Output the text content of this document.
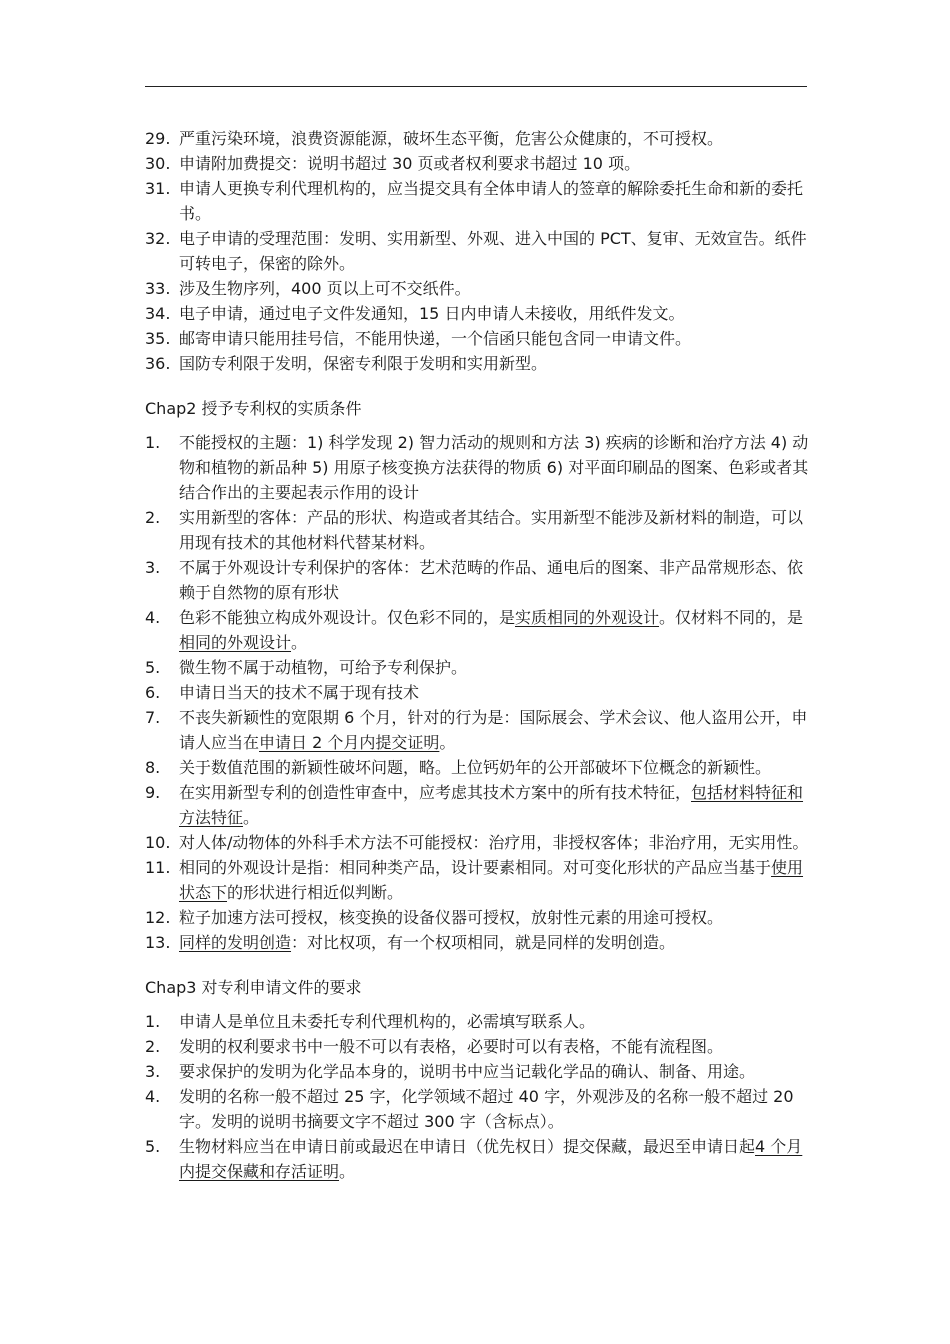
29. 严重污染环境，浪费资源能源，破坏生态平衡，危害公众健康的，不可授权。
30. 申请附加费提交：说明书超过 30 页或者权利要求书超过 10 项。
31. 申请人更换专利代理机构的，应当提交具有全体申请人的签章的解除委托生命和新的委托书。
32. 电子申请的受理范围：发明、实用新型、外观、进入中国的 PCT、复审、无效宣告。纸件可转电子，保密的除外。
33. 涉及生物序列，400 页以上可不交纸件。
34. 电子申请，通过电子文件发通知，15 日内申请人未接收，用纸件发文。
35. 邮寄申请只能用挂号信，不能用快递，一个信函只能包含同一申请文件。
36. 国防专利限于发明，保密专利限于发明和实用新型。
Chap2 授予专利权的实质条件
1. 不能授权的主题：1) 科学发现 2) 智力活动的规则和方法 3) 疾病的诊断和治疗方法 4) 动物和植物的新品种 5) 用原子核变换方法获得的物质 6) 对平面印刷品的图案、色彩或者其结合作出的主要起表示作用的设计
2. 实用新型的客体：产品的形状、构造或者其结合。实用新型不能涉及新材料的制造，可以用现有技术的其他材料代替某材料。
3. 不属于外观设计专利保护的客体：艺术范畴的作品、通电后的图案、非产品常规形态、依赖于自然物的原有形状
4. 色彩不能独立构成外观设计。仅色彩不同的，是实质相同的外观设计。仅材料不同的，是相同的外观设计。
5. 微生物不属于动植物，可给予专利保护。
6. 申请日当天的技术不属于现有技术
7. 不丧失新颖性的宽限期 6 个月，针对的行为是：国际展会、学术会议、他人盗用公开，申请人应当在申请日 2 个月内提交证明。
8. 关于数值范围的新颖性破坏问题，略。上位钙奶年的公开部破坏下位概念的新颖性。
9. 在实用新型专利的创造性审查中，应考虑其技术方案中的所有技术特征，包括材料特征和方法特征。
10. 对人体/动物体的外科手术方法不可能授权：治疗用，非授权客体；非治疗用，无实用性。
11. 相同的外观设计是指：相同种类产品，设计要素相同。对可变化形状的产品应当基于使用状态下的形状进行相近似判断。
12. 粒子加速方法可授权，核变换的设备仪器可授权，放射性元素的用途可授权。
13. 同样的发明创造：对比权项，有一个权项相同，就是同样的发明创造。
Chap3 对专利申请文件的要求
1. 申请人是单位且未委托专利代理机构的，必需填写联系人。
2. 发明的权利要求书中一般不可以有表格，必要时可以有表格，不能有流程图。
3. 要求保护的发明为化学品本身的，说明书中应当记载化学品的确认、制备、用途。
4. 发明的名称一般不超过 25 字，化学领域不超过 40 字，外观涉及的名称一般不超过 20 字。发明的说明书摘要文字不超过 300 字（含标点）。
5. 生物材料应当在申请日前或最迟在申请日（优先权日）提交保藏，最迟至申请日起4 个月内提交保藏和存活证明。
